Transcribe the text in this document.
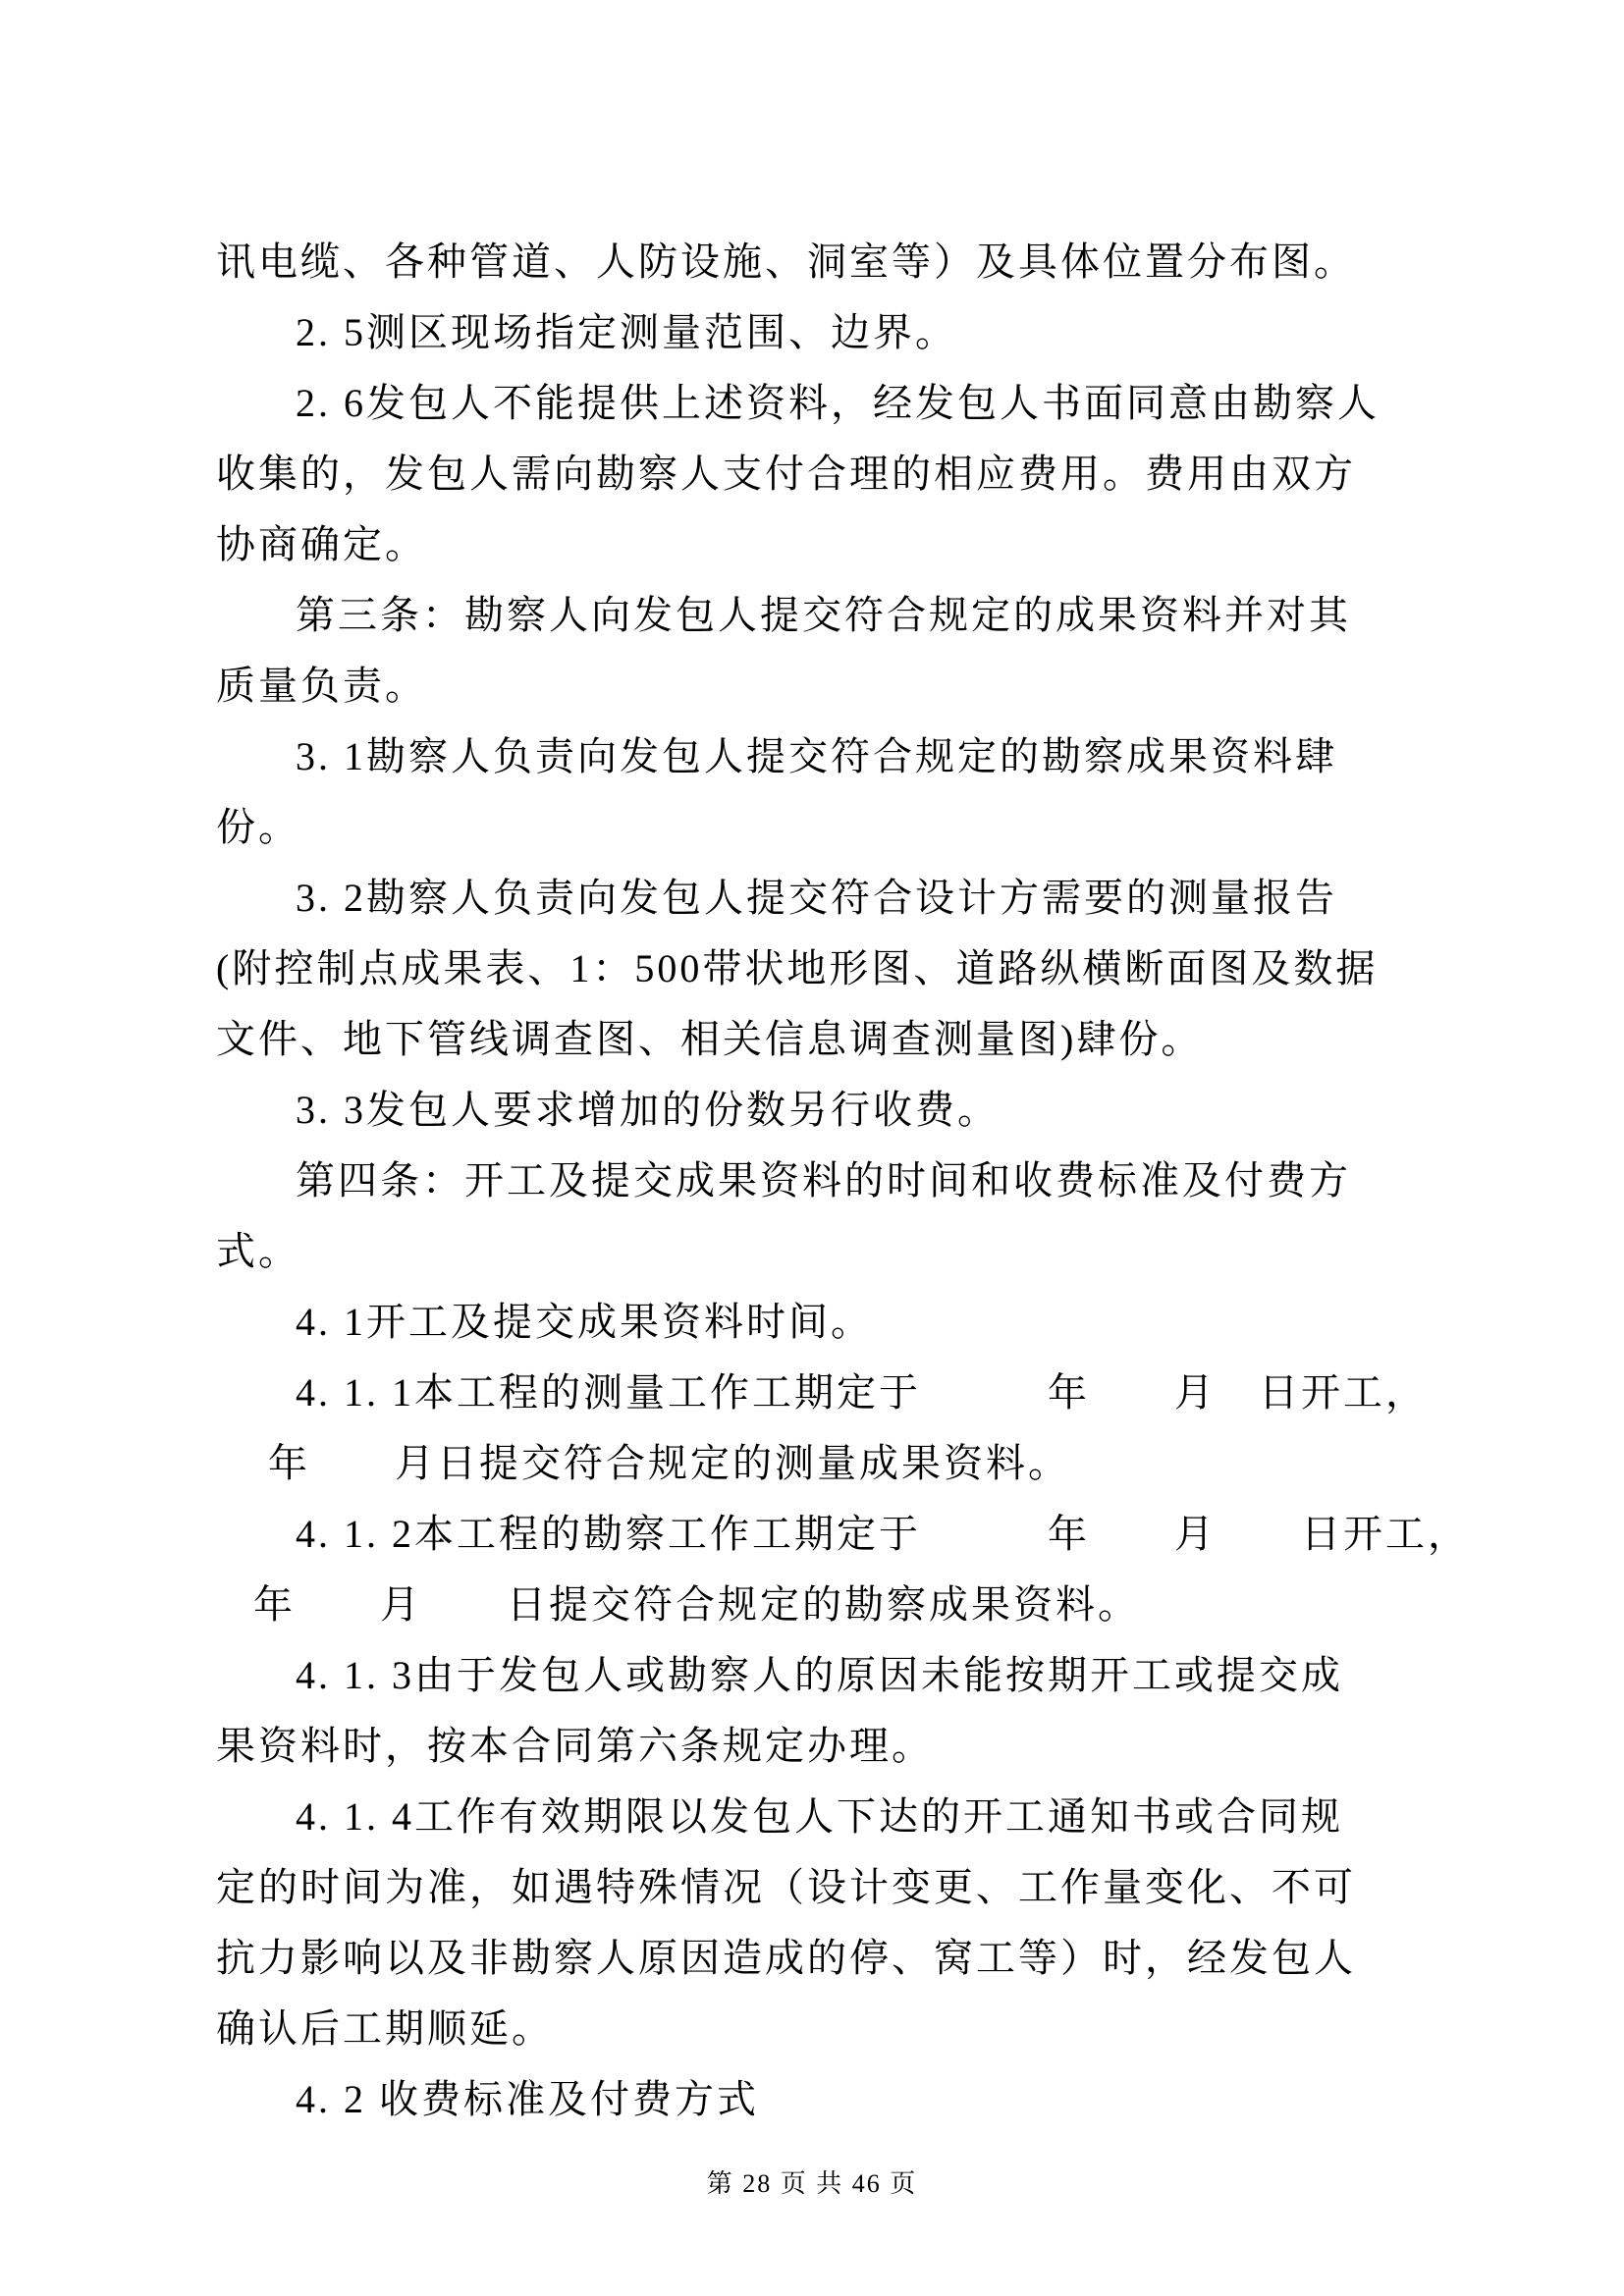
讯电缆、各种管道、人防设施、洞室等）及具体位置分布图。
2. 5测区现场指定测量范围、边界。
2. 6发包人不能提供上述资料，经发包人书面同意由勘察人
收集的，发包人需向勘察人支付合理的相应费用。费用由双方
协商确定。
第三条：勘察人向发包人提交符合规定的成果资料并对其
质量负责。
3. 1勘察人负责向发包人提交符合规定的勘察成果资料肆
份。
3. 2勘察人负责向发包人提交符合设计方需要的测量报告
(附控制点成果表、1：500带状地形图、道路纵横断面图及数据
文件、地下管线调查图、相关信息调查测量图)肆份。
3. 3发包人要求增加的份数另行收费。
第四条：开工及提交成果资料的时间和收费标准及付费方
式。
4. 1开工及提交成果资料时间。
4. 1. 1本工程的测量工作工期定于　　　年　　月　日开工，
年　　月日提交符合规定的测量成果资料。
4. 1. 2本工程的勘察工作工期定于　　　年　　月　　日开工，
年　　月　　日提交符合规定的勘察成果资料。
4. 1. 3由于发包人或勘察人的原因未能按期开工或提交成
果资料时，按本合同第六条规定办理。
4. 1. 4工作有效期限以发包人下达的开工通知书或合同规
定的时间为准，如遇特殊情况（设计变更、工作量变化、不可
抗力影响以及非勘察人原因造成的停、窝工等）时，经发包人
确认后工期顺延。
4. 2 收费标准及付费方式
第 28 页 共 46 页
